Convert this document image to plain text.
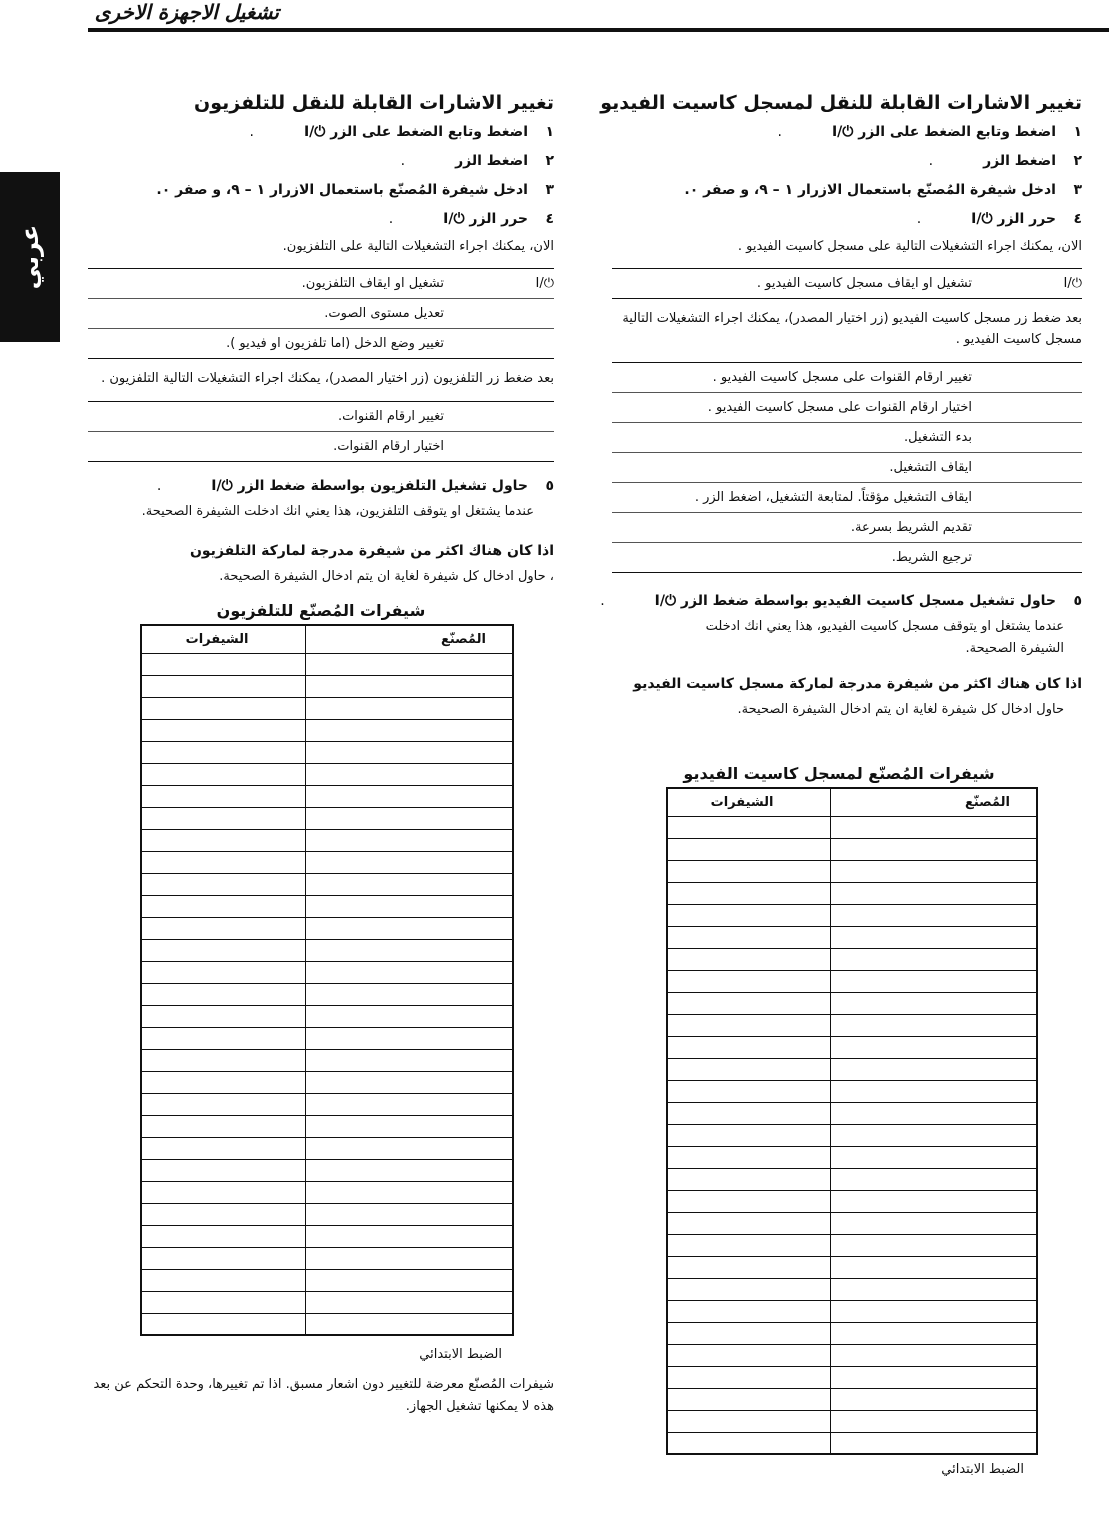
تشغيل الاجهزة الاخرى
عربي
تغيير الاشارات القابلة للنقل لمسجل كاسيت الفيديو
١
اضغط وتابع الضغط على الزر ⏻/I
.
٢
اضغط الزر
.
٣
ادخل شيفرة المُصنّع باستعمال الازرار ١ – ٩، و صفر ٠.
٤
حرر الزر ⏻/I
.
الان، يمكنك اجراء التشغيلات التالية على مسجل كاسيت الفيديو .
⏻/I	تشغيل او ايقاف مسجل كاسيت الفيديو .
بعد ضغط زر مسجل كاسيت الفيديو (زر اختيار المصدر)، يمكنك اجراء التشغيلات التالية مسجل كاسيت الفيديو .	
	تغيير ارقام القنوات على مسجل كاسيت الفيديو .
	اختيار ارقام القنوات على مسجل كاسيت الفيديو .
	بدء التشغيل.
	ايقاف التشغيل.
	ايقاف التشغيل مؤقتاً. لمتابعة التشغيل، اضغط الزر .
	تقديم الشريط بسرعة.
	ترجيع الشريط.
٥
حاول تشغيل مسجل كاسيت الفيديو بواسطة ضغط الزر ⏻/I
.
عندما يشتغل او يتوقف مسجل كاسيت الفيديو، هذا يعني انك ادخلت الشيفرة الصحيحة.
اذا كان هناك اكثر من شيفرة مدرجة لماركة مسجل كاسيت الفيديو
حاول ادخال كل شيفرة لغاية ان يتم ادخال الشيفرة الصحيحة.
شيفرات المُصنّع لمسجل كاسيت الفيديو
المُصنّع	الشيفرات

الضبط الابتدائي
تغيير الاشارات القابلة للنقل للتلفزيون
١
اضغط وتابع الضغط على الزر ⏻/I
.
٢
اضغط الزر
.
٣
ادخل شيفرة المُصنّع باستعمال الازرار ١ – ٩، و صفر ٠.
٤
حرر الزر ⏻/I
.
الان، يمكنك اجراء التشغيلات التالية على التلفزيون.
⏻/I	تشغيل او ايقاف التلفزيون.
	تعديل مستوى الصوت.
	تغيير وضع الدخل (اما تلفزيون او فيديو ).
بعد ضغط زر التلفزيون (زر اختيار المصدر)، يمكنك اجراء التشغيلات التالية التلفزيون .	
	تغيير ارقام القنوات.
	اختيار ارقام القنوات.
٥
حاول تشغيل التلفزيون بواسطة ضغط الزر ⏻/I
.
عندما يشتغل او يتوقف التلفزيون، هذا يعني انك ادخلت الشيفرة الصحيحة.
اذا كان هناك اكثر من شيفرة مدرجة لماركة التلفزيون
، حاول ادخال كل شيفرة لغاية ان يتم ادخال الشيفرة الصحيحة.
شيفرات المُصنّع للتلفزيون
المُصنّع	الشيفرات

الضبط الابتدائي
شيفرات المُصنّع معرضة للتغيير دون اشعار مسبق. اذا تم تغييرها، وحدة التحكم عن بعد هذه لا يمكنها تشغيل الجهاز.
